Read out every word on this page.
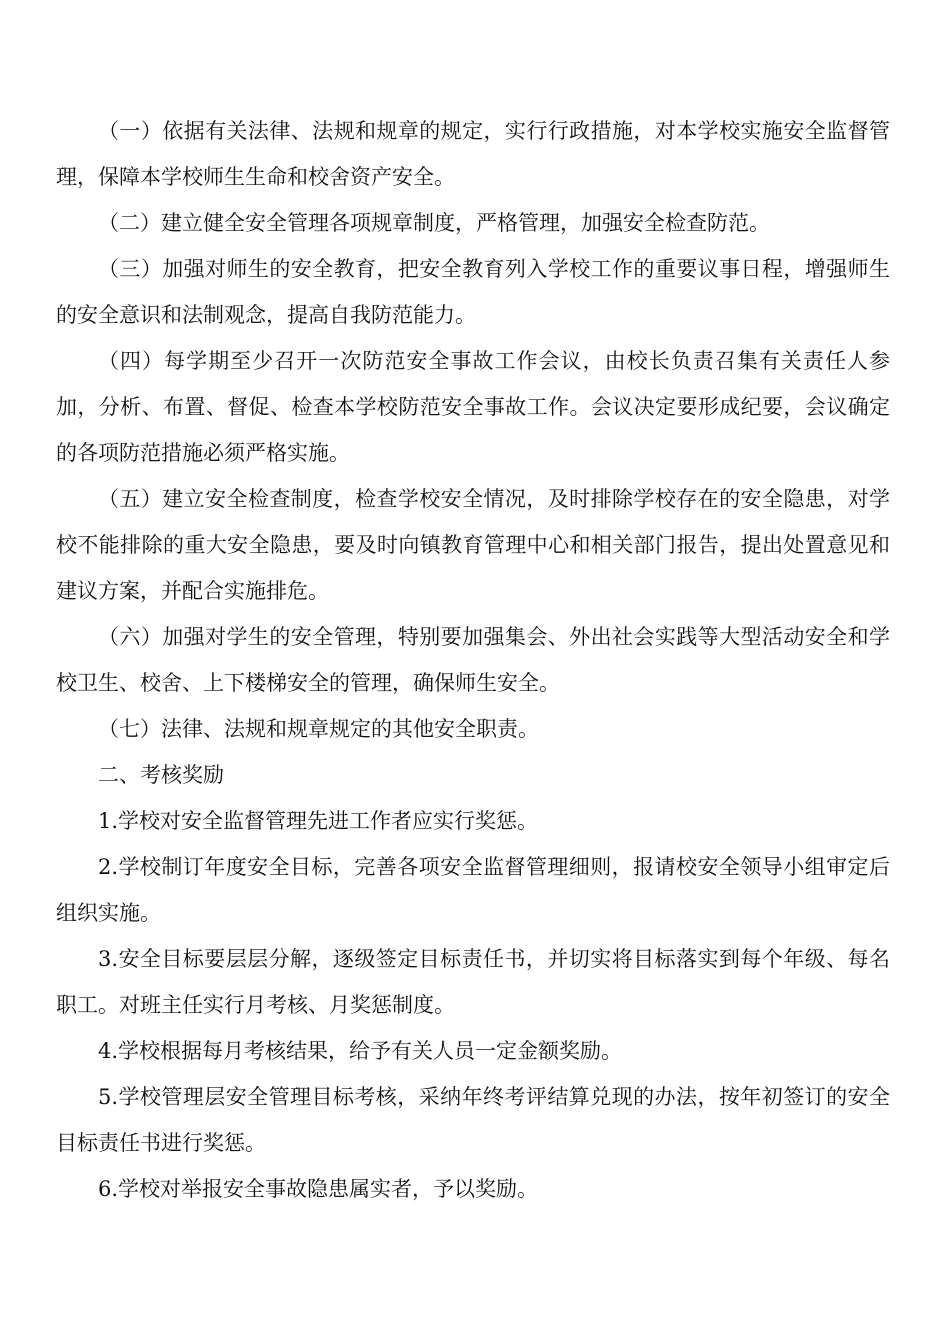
（一）依据有关法律、法规和规章的规定，实行行政措施，对本学校实施安全监督管理，保障本学校师生生命和校舍资产安全。

（二）建立健全安全管理各项规章制度，严格管理，加强安全检查防范。

（三）加强对师生的安全教育，把安全教育列入学校工作的重要议事日程，增强师生的安全意识和法制观念，提高自我防范能力。

（四）每学期至少召开一次防范安全事故工作会议，由校长负责召集有关责任人参加，分析、布置、督促、检查本学校防范安全事故工作。会议决定要形成纪要，会议确定的各项防范措施必须严格实施。

（五）建立安全检查制度，检查学校安全情况，及时排除学校存在的安全隐患，对学校不能排除的重大安全隐患，要及时向镇教育管理中心和相关部门报告，提出处置意见和建议方案，并配合实施排危。

（六）加强对学生的安全管理，特别要加强集会、外出社会实践等大型活动安全和学校卫生、校舍、上下楼梯安全的管理，确保师生安全。

（七）法律、法规和规章规定的其他安全职责。

二、考核奖励

1.学校对安全监督管理先进工作者应实行奖惩。

2.学校制订年度安全目标，完善各项安全监督管理细则，报请校安全领导小组审定后组织实施。

3.安全目标要层层分解，逐级签定目标责任书，并切实将目标落实到每个年级、每名职工。对班主任实行月考核、月奖惩制度。

4.学校根据每月考核结果，给予有关人员一定金额奖励。

5.学校管理层安全管理目标考核，采纳年终考评结算兑现的办法，按年初签订的安全目标责任书进行奖惩。

6.学校对举报安全事故隐患属实者，予以奖励。
